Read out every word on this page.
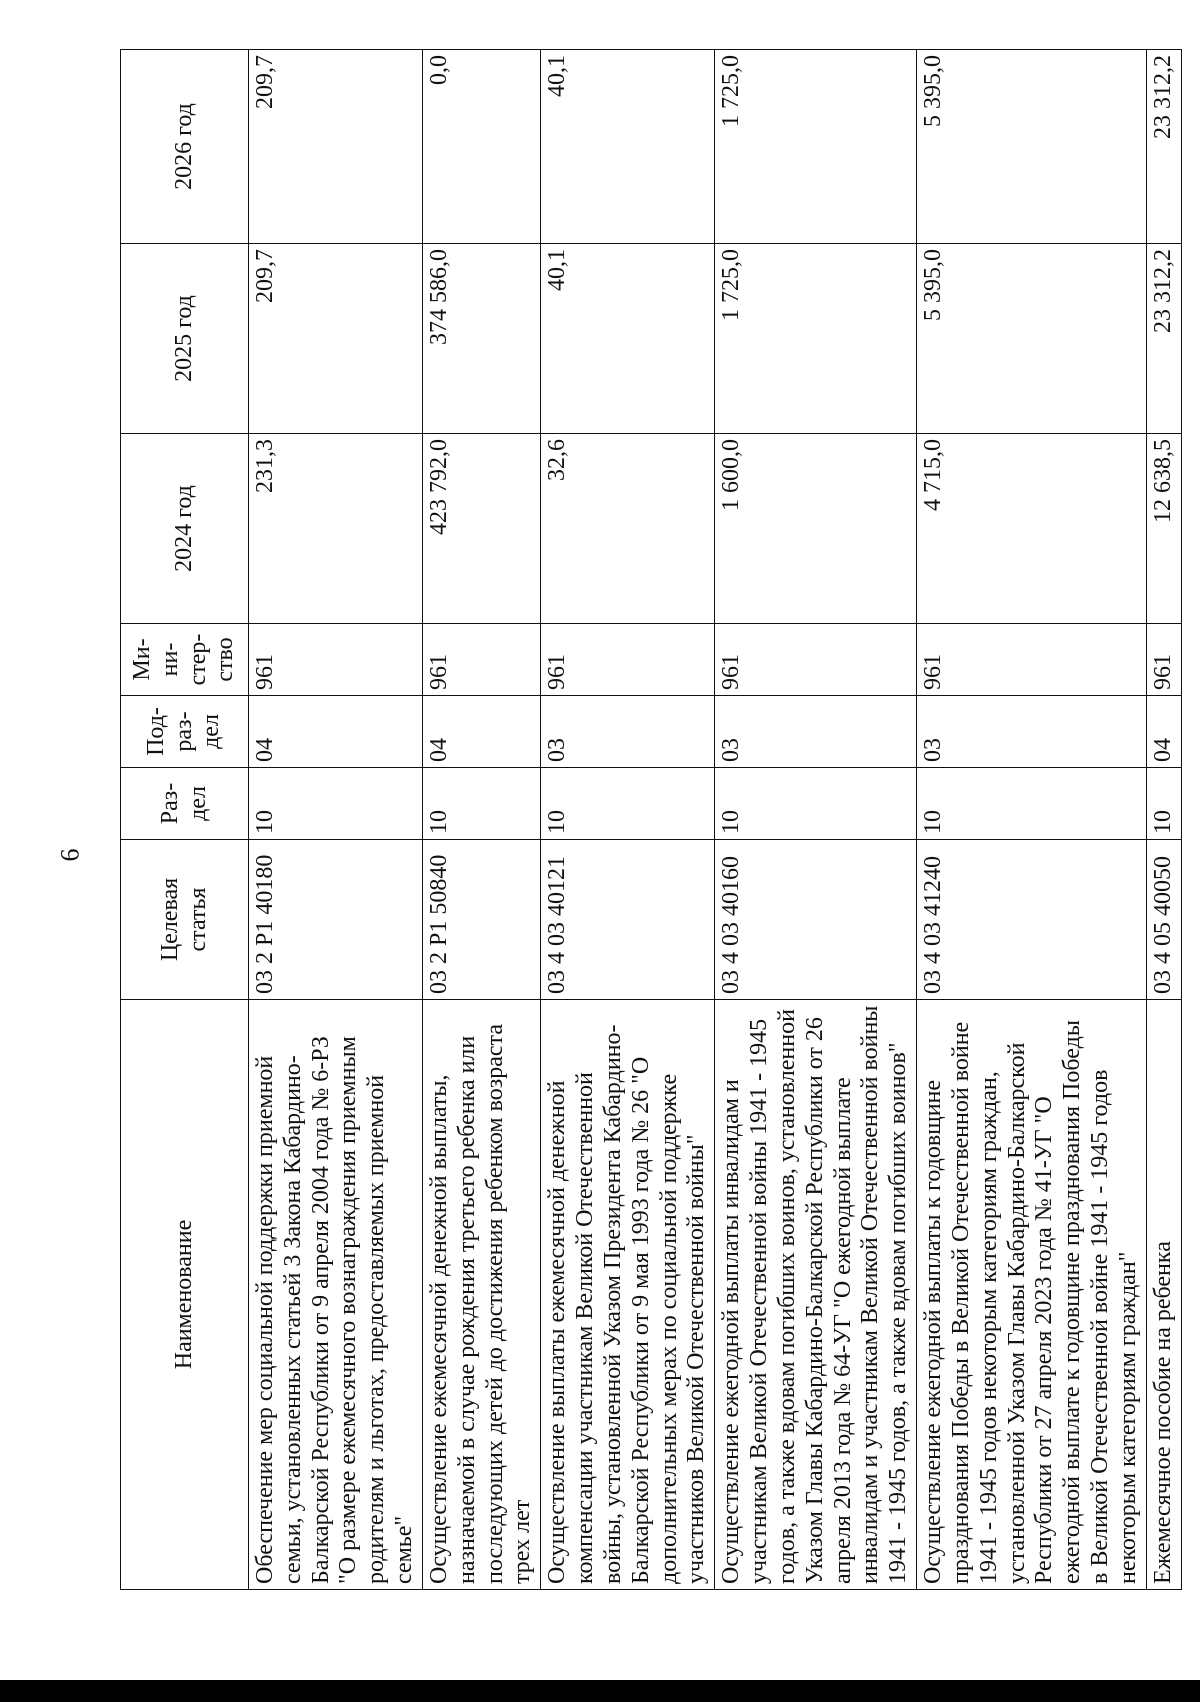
6
Наименование	Целевая статья	Раз- дел	Под- раз- дел	Ми- ни- стер- ство	2024 год	2025 год	2026 год
Обеспечение мер социальной поддержки приемной семьи, установленных статьей 3 Закона Кабардино-Балкарской Республики от 9 апреля 2004 года № 6-РЗ "О размере ежемесячного вознаграждения приемным родителям и льготах, предоставляемых приемной семье"	03 2 P1 40180	10	04	961	231,3	209,7	209,7
Осуществление ежемесячной денежной выплаты, назначаемой в случае рождения третьего ребенка или последующих детей до достижения ребенком возраста трех лет	03 2 P1 50840	10	04	961	423 792,0	374 586,0	0,0
Осуществление выплаты ежемесячной денежной компенсации участникам Великой Отечественной войны, установленной Указом Президента Кабардино-Балкарской Республики от 9 мая 1993 года № 26 "О дополнительных мерах по социальной поддержке участников Великой Отечественной войны"	03 4 03 40121	10	03	961	32,6	40,1	40,1
Осуществление ежегодной выплаты инвалидам и участникам Великой Отечественной войны 1941 - 1945 годов, а также вдовам погибших воинов, установленной Указом Главы Кабардино-Балкарской Республики от 26 апреля 2013 года № 64-УГ "О ежегодной выплате инвалидам и участникам Великой Отечественной войны 1941 - 1945 годов, а также вдовам погибших воинов"	03 4 03 40160	10	03	961	1 600,0	1 725,0	1 725,0
Осуществление ежегодной выплаты к годовщине празднования Победы в Великой Отечественной войне 1941 - 1945 годов некоторым категориям граждан, установленной Указом Главы Кабардино-Балкарской Республики от 27 апреля 2023 года № 41-УГ "О ежегодной выплате к годовщине празднования Победы в Великой Отечественной войне 1941 - 1945 годов некоторым категориям граждан"	03 4 03 41240	10	03	961	4 715,0	5 395,0	5 395,0
Ежемесячное пособие на ребенка	03 4 05 40050	10	04	961	12 638,5	23 312,2	23 312,2
